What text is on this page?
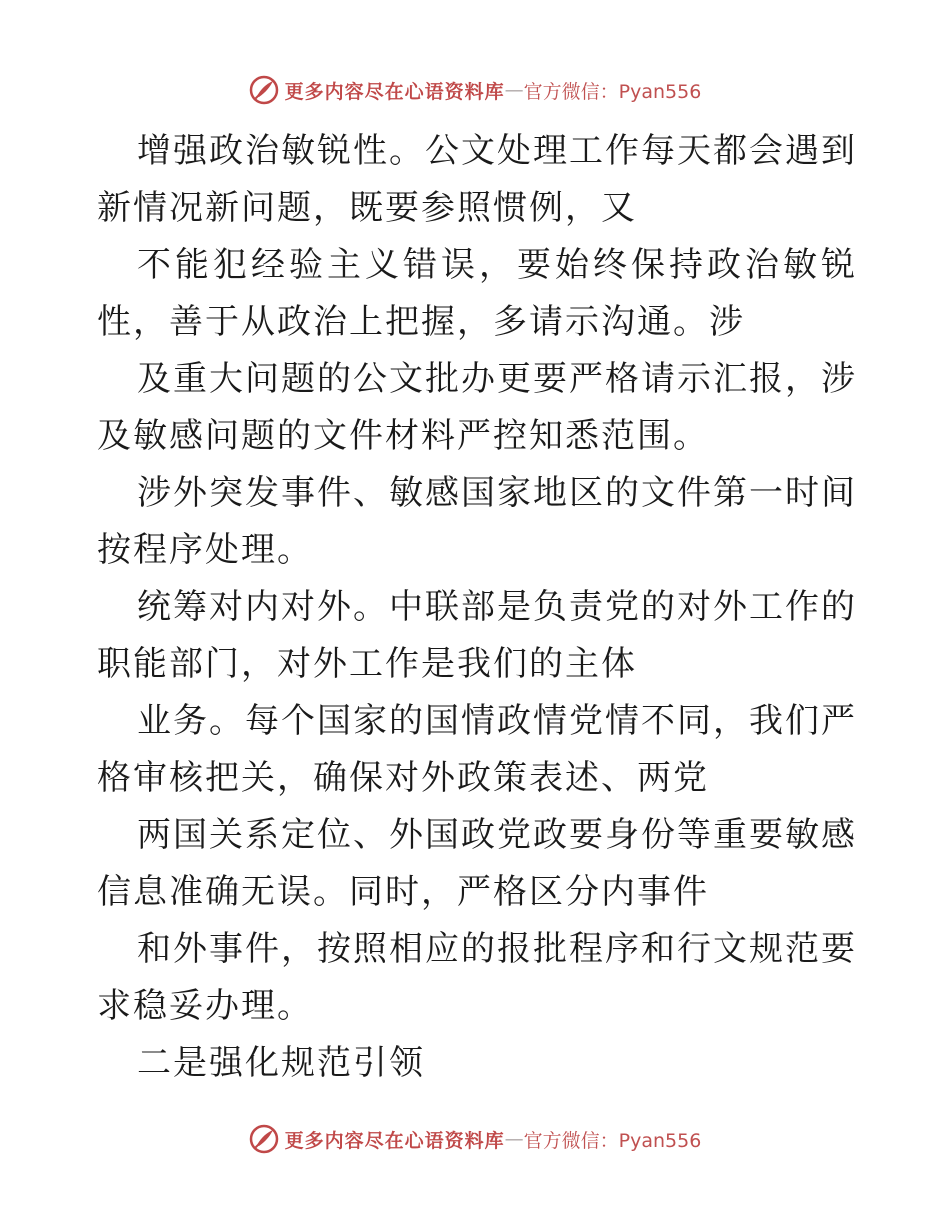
更多内容尽在心语资料库 — 官方微信：Pyan556

增强政治敏锐性。公文处理工作每天都会遇到新情况新问题，既要参照惯例，又

不能犯经验主义错误，要始终保持政治敏锐性，善于从政治上把握，多请示沟通。涉

及重大问题的公文批办更要严格请示汇报，涉及敏感问题的文件材料严控知悉范围。

涉外突发事件、敏感国家地区的文件第一时间按程序处理。

统筹对内对外。中联部是负责党的对外工作的职能部门，对外工作是我们的主体

业务。每个国家的国情政情党情不同，我们严格审核把关，确保对外政策表述、两党

两国关系定位、外国政党政要身份等重要敏感信息准确无误。同时，严格区分内事件

和外事件，按照相应的报批程序和行文规范要求稳妥办理。

二是强化规范引领

更多内容尽在心语资料库 — 官方微信：Pyan556
